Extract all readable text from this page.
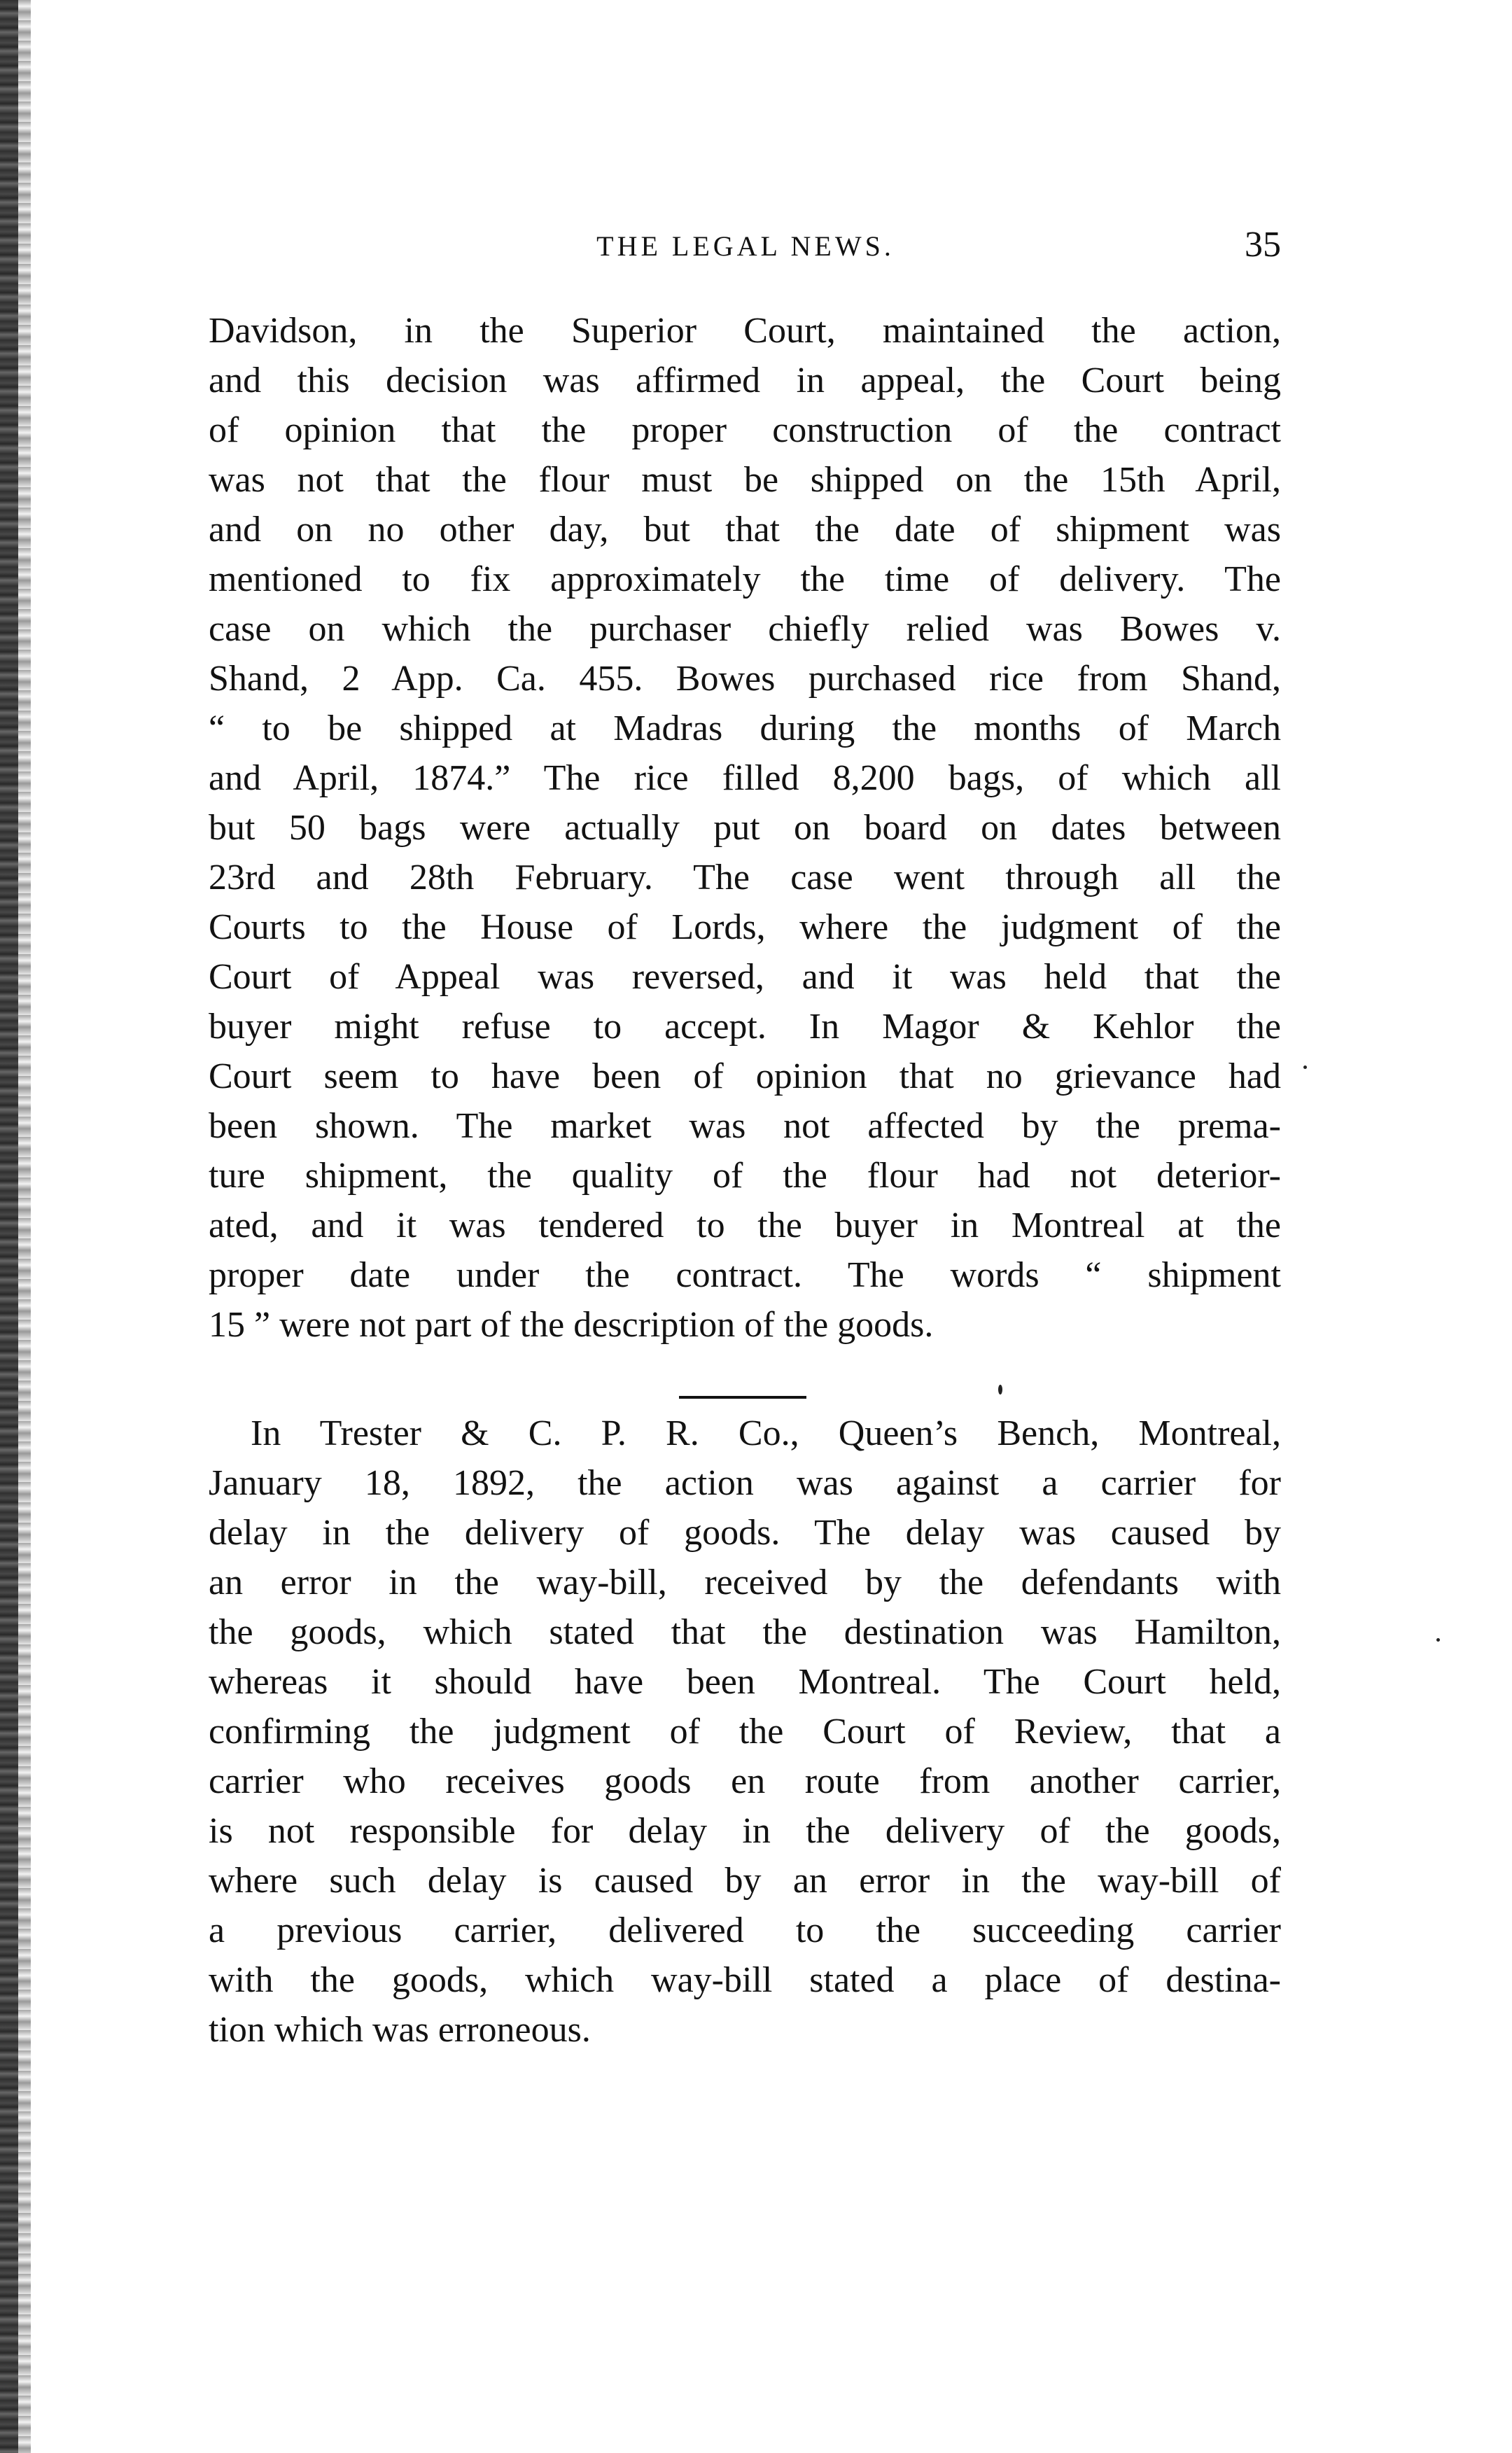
THE LEGAL NEWS.	35
Davidson, in the Superior Court, maintained the action,
and this decision was affirmed in appeal, the Court being
of opinion that the proper construction of the contract
was not that the flour must be shipped on the 15th April,
and on no other day, but that the date of shipment was
mentioned to fix approximately the time of delivery. The
case on which the purchaser chiefly relied was Bowes v.
Shand, 2 App. Ca. 455. Bowes purchased rice from Shand,
“ to be shipped at Madras during the months of March
and April, 1874.” The rice filled 8,200 bags, of which all
but 50 bags were actually put on board on dates between
23rd and 28th February. The case went through all the
Courts to the House of Lords, where the judgment of the
Court of Appeal was reversed, and it was held that the
buyer might refuse to accept. In Magor & Kehlor the
Court seem to have been of opinion that no grievance had
been shown. The market was not affected by the prema-
ture shipment, the quality of the flour had not deterior-
ated, and it was tendered to the buyer in Montreal at the
proper date under the contract. The words “ shipment
15 ” were not part of the description of the goods.
In Trester & C. P. R. Co., Queen’s Bench, Montreal,
January 18, 1892, the action was against a carrier for
delay in the delivery of goods. The delay was caused by
an error in the way-bill, received by the defendants with
the goods, which stated that the destination was Hamilton,
whereas it should have been Montreal. The Court held,
confirming the judgment of the Court of Review, that a
carrier who receives goods en route from another carrier,
is not responsible for delay in the delivery of the goods,
where such delay is caused by an error in the way-bill of
a previous carrier, delivered to the succeeding carrier
with the goods, which way-bill stated a place of destina-
tion which was erroneous.
